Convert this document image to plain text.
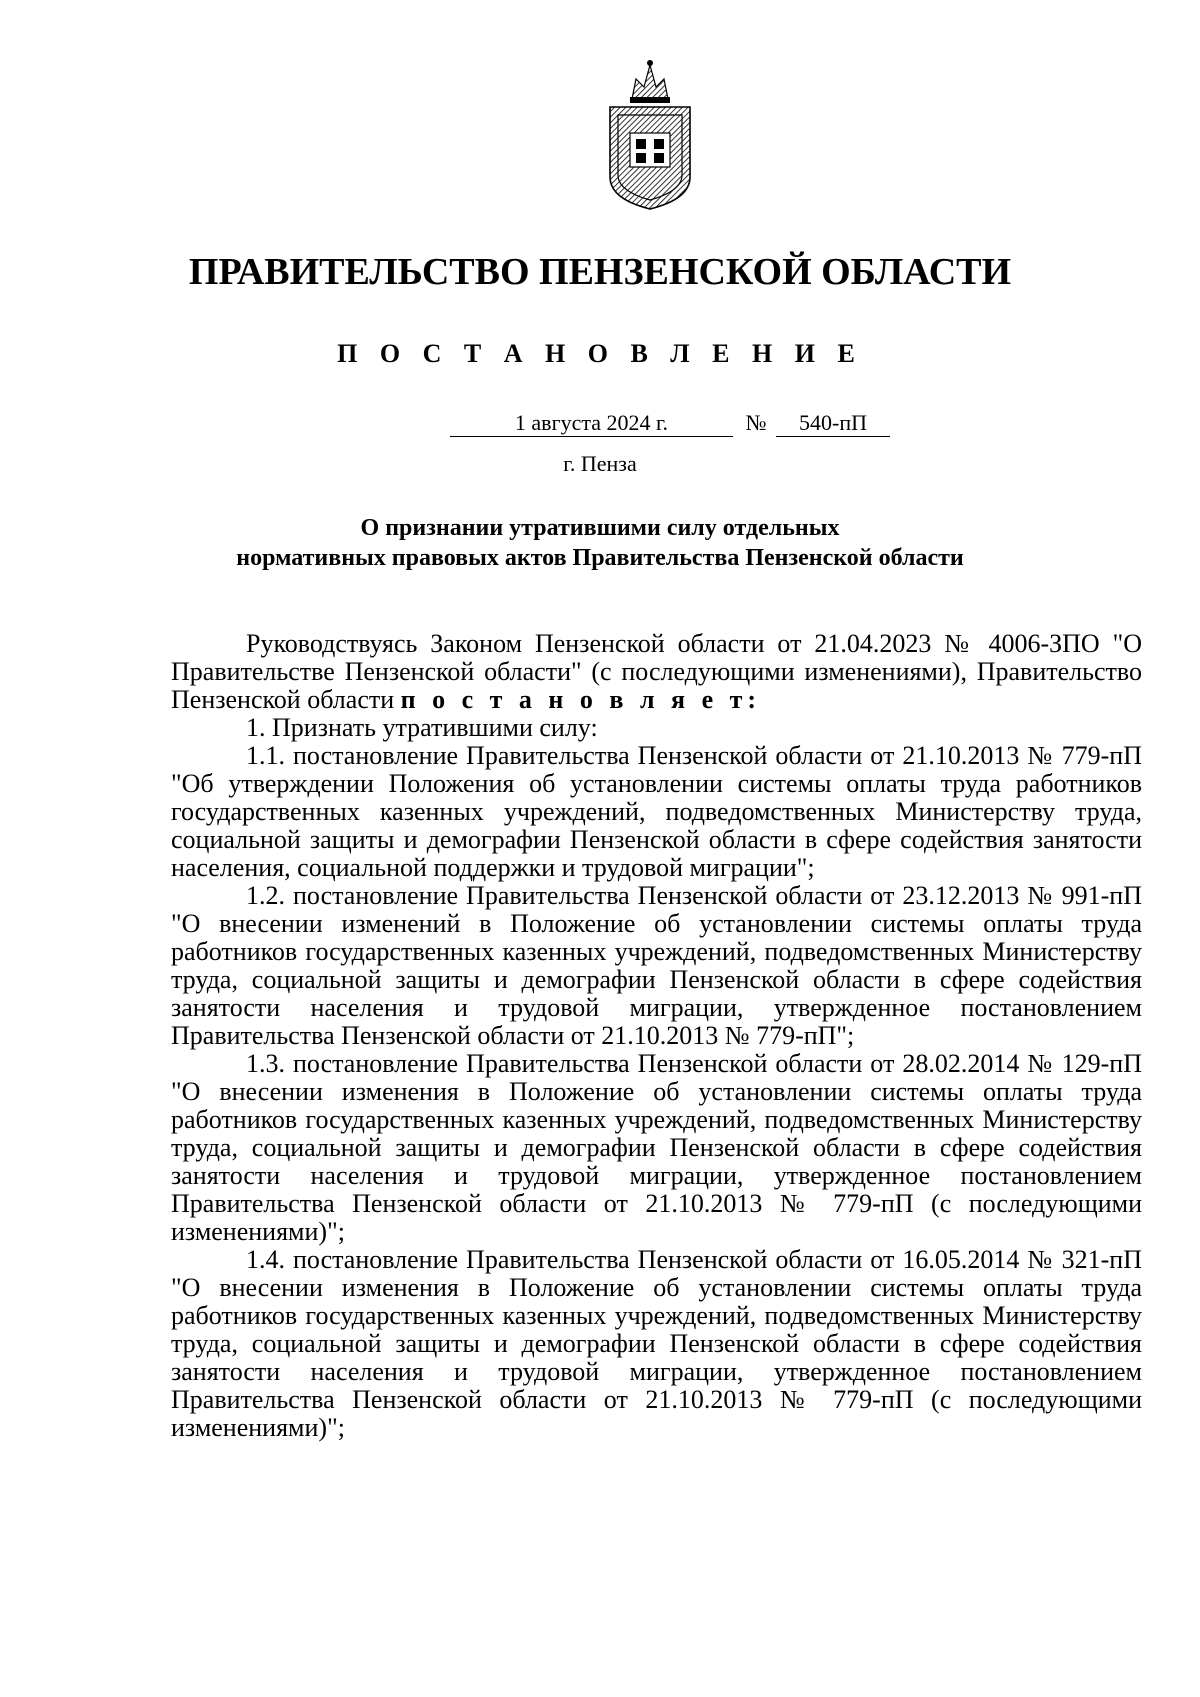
ПРАВИТЕЛЬСТВО ПЕНЗЕНСКОЙ ОБЛАСТИ
П О С Т А Н О В Л Е Н И Е
1 августа 2024 г.	№	540-пП
г. Пенза
О признании утратившими силу отдельных
нормативных правовых актов Правительства Пензенской области

Руководствуясь Законом Пензенской области от 21.04.2023 № 4006-ЗПО "О Правительстве Пензенской области" (с последующими изменениями), Правительство Пензенской области п о с т а н о в л я е т:

1. Признать утратившими силу:

1.1. постановление Правительства Пензенской области от 21.10.2013 № 779-пП "Об утверждении Положения об установлении системы оплаты труда работников государственных казенных учреждений, подведомственных Министерству труда, социальной защиты и демографии Пензенской области в сфере содействия занятости населения, социальной поддержки и трудовой миграции";

1.2. постановление Правительства Пензенской области от 23.12.2013 № 991-пП "О внесении изменений в Положение об установлении системы оплаты труда работников государственных казенных учреждений, подведомственных Министерству труда, социальной защиты и демографии Пензенской области в сфере содействия занятости населения и трудовой миграции, утвержденное постановлением Правительства Пензенской области от 21.10.2013 № 779-пП";

1.3. постановление Правительства Пензенской области от 28.02.2014 № 129-пП "О внесении изменения в Положение об установлении системы оплаты труда работников государственных казенных учреждений, подведомственных Министерству труда, социальной защиты и демографии Пензенской области в сфере содействия занятости населения и трудовой миграции, утвержденное постановлением Правительства Пензенской области от 21.10.2013 № 779-пП (с последующими изменениями)";

1.4. постановление Правительства Пензенской области от 16.05.2014 № 321-пП "О внесении изменения в Положение об установлении системы оплаты труда работников государственных казенных учреждений, подведомственных Министерству труда, социальной защиты и демографии Пензенской области в сфере содействия занятости населения и трудовой миграции, утвержденное постановлением Правительства Пензенской области от 21.10.2013 № 779-пП (с последующими изменениями)";
